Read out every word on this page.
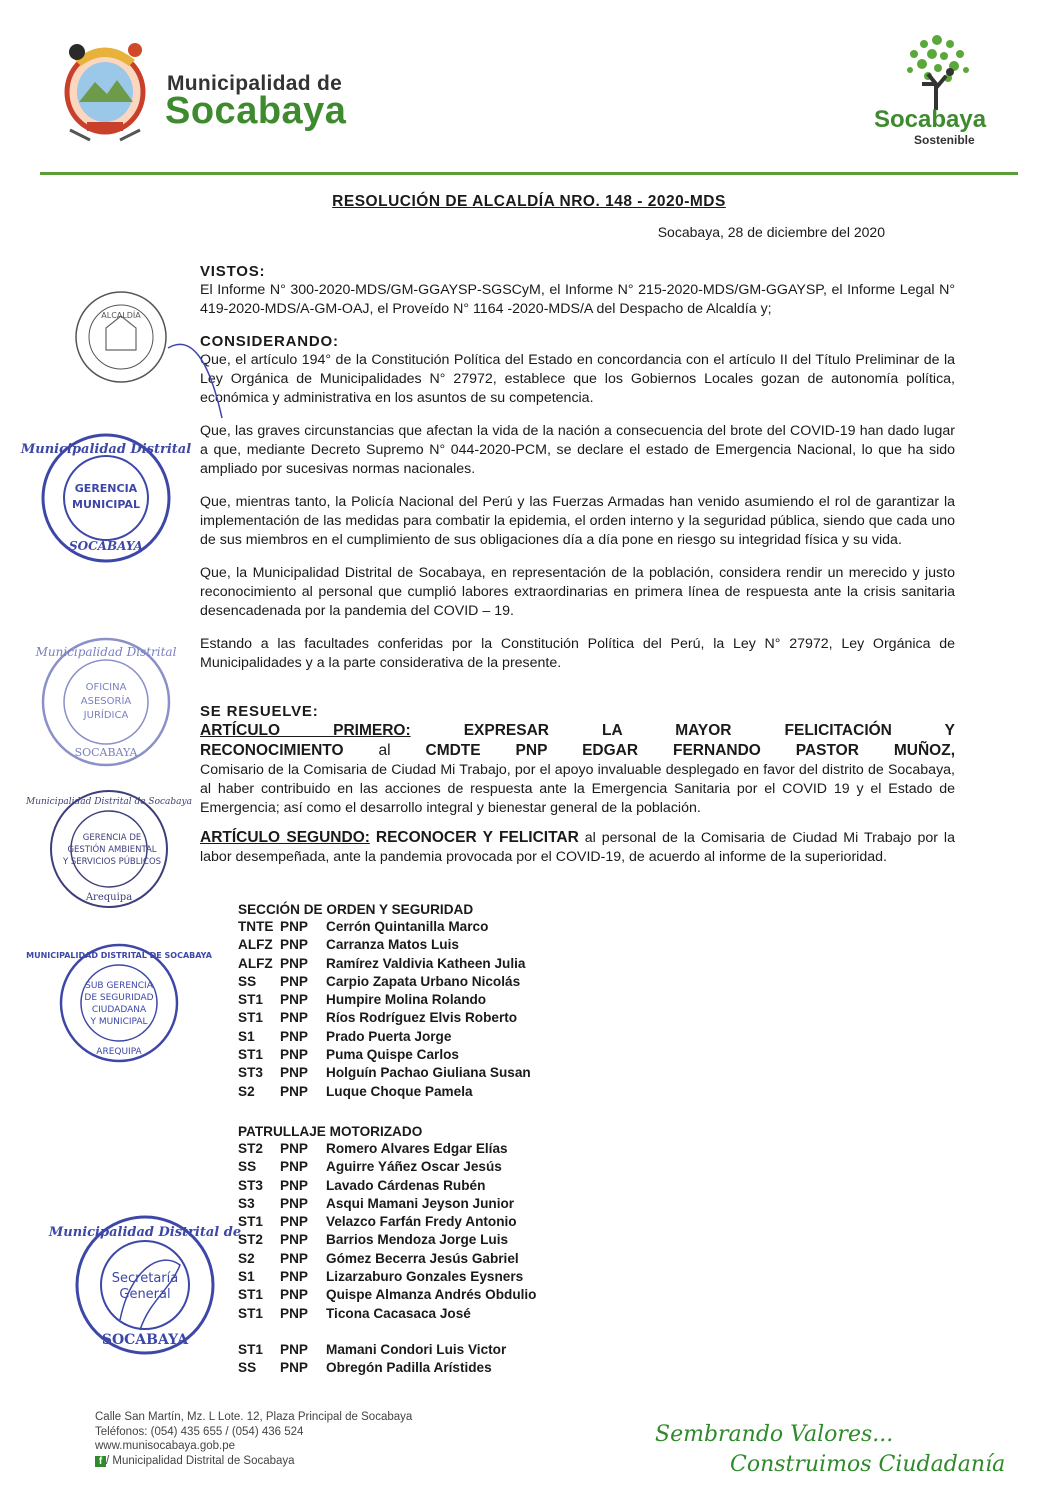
Municipalidad de
Socabaya	Socabaya
Sostenible
RESOLUCIÓN DE ALCALDÍA NRO. 148 - 2020-MDS
Socabaya, 28 de diciembre del 2020
VISTOS:
El Informe N° 300-2020-MDS/GM-GGAYSP-SGSCyM, el Informe N° 215-2020-MDS/GM-GGAYSP, el Informe Legal N° 419-2020-MDS/A-GM-OAJ, el Proveído N° 1164 -2020-MDS/A del Despacho de Alcaldía y;
CONSIDERANDO:
Que, el artículo 194° de la Constitución Política del Estado en concordancia con el artículo II del Título Preliminar de la Ley Orgánica de Municipalidades N° 27972, establece que los Gobiernos Locales gozan de autonomía política, económica y administrativa en los asuntos de su competencia.
Que, las graves circunstancias que afectan la vida de la nación a consecuencia del brote del COVID-19 han dado lugar a que, mediante Decreto Supremo N° 044-2020-PCM, se declare el estado de Emergencia Nacional, lo que ha sido ampliado por sucesivas normas nacionales.
Que, mientras tanto, la Policía Nacional del Perú y las Fuerzas Armadas han venido asumiendo el rol de garantizar la implementación de las medidas para combatir la epidemia, el orden interno y la seguridad pública, siendo que cada uno de sus miembros en el cumplimiento de sus obligaciones día a día pone en riesgo su integridad física y su vida.
Que, la Municipalidad Distrital de Socabaya, en representación de la población, considera rendir un merecido y justo reconocimiento al personal que cumplió labores extraordinarias en primera línea de respuesta ante la crisis sanitaria desencadenada por la pandemia del COVID – 19.
Estando a las facultades conferidas por la Constitución Política del Perú, la Ley N° 27972, Ley Orgánica de Municipalidades y a la parte considerativa de la presente.
SE RESUELVE:
ARTÍCULO PRIMERO: EXPRESAR LA MAYOR FELICITACIÓN Y
RECONOCIMIENTO al CMDTE PNP EDGAR FERNANDO PASTOR MUÑOZ,
Comisario de la Comisaria de Ciudad Mi Trabajo, por el apoyo invaluable desplegado en favor del distrito de Socabaya, al haber contribuido en las acciones de respuesta ante la Emergencia Sanitaria por el COVID 19 y el Estado de Emergencia; así como el desarrollo integral y bienestar general de la población.
ARTÍCULO SEGUNDO: RECONOCER Y FELICITAR al personal de la Comisaria de Ciudad Mi Trabajo por la labor desempeñada, ante la pandemia provocada por el COVID-19, de acuerdo al informe de la superioridad.
SECCIÓN DE ORDEN Y SEGURIDAD
TNTE PNP Cerrón Quintanilla Marco
ALFZ PNP Carranza Matos Luis
ALFZ PNP Ramírez Valdivia Katheen Julia
SS PNP Carpio Zapata Urbano Nicolás
ST1 PNP Humpire Molina Rolando
ST1 PNP Ríos Rodríguez Elvis Roberto
S1 PNP Prado Puerta Jorge
ST1 PNP Puma Quispe Carlos
ST3 PNP Holguín Pachao Giuliana Susan
S2 PNP Luque Choque Pamela
PATRULLAJE MOTORIZADO
ST2 PNP Romero Alvares Edgar Elías
SS PNP Aguirre Yáñez Oscar Jesús
ST3 PNP Lavado Cárdenas Rubén
S3 PNP Asqui Mamani Jeyson Junior
ST1 PNP Velazco Farfán Fredy Antonio
ST2 PNP Barrios Mendoza Jorge Luis
S2 PNP Gómez Becerra Jesús Gabriel
S1 PNP Lizarzaburo Gonzales Eysners
ST1 PNP Quispe Almanza Andrés Obdulio
ST1 PNP Ticona Cacasaca José
ST1 PNP Mamani Condori Luis Victor
SS PNP Obregón Padilla Arístides
ALCALDÍA
Municipalidad Distrital
GERENCIA
MUNICIPAL
SOCABAYA
Municipalidad Distrital
OFICINA
ASESORÍA
JURÍDICA
SOCABAYA
Municipalidad Distrital de Socabaya
GERENCIA DE
GESTIÓN AMBIENTAL
Y SERVICIOS PÚBLICOS
Arequipa
MUNICIPALIDAD DISTRITAL DE SOCABAYA
SUB GERENCIA
DE SEGURIDAD
CIUDADANA
Y MUNICIPAL
AREQUIPA
Municipalidad Distrital de
Secretaría
General
SOCABAYA
Calle San Martín, Mz. L Lote. 12, Plaza Principal de Socabaya
Teléfonos: (054) 435 655 / (054) 436 524
www.munisocabaya.gob.pe
f / Municipalidad Distrital de Socabaya
Sembrando Valores...
Construimos Ciudadanía
